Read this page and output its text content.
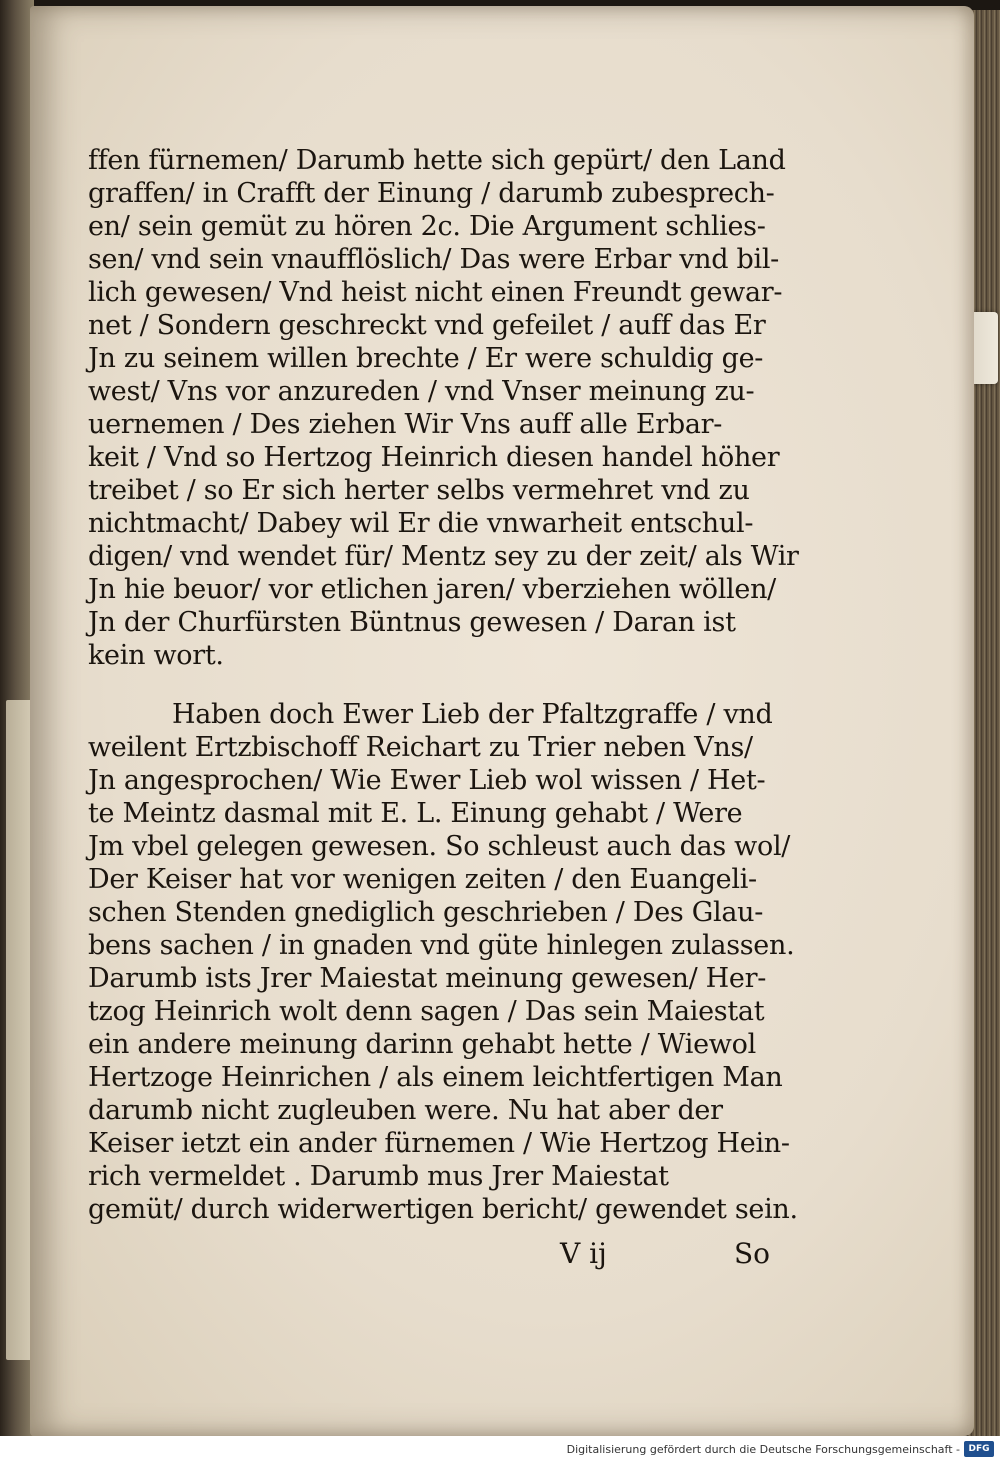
ffen fürnemen/ Darumb hette sich gepürt/ den Land
graffen/ in Crafft der Einung / darumb zubesprech-
en/ sein gemüt zu hören 2c. Die Argument schlies-
sen/ vnd sein vnaufflöslich/ Das were Erbar vnd bil-
lich gewesen/ Vnd heist nicht einen Freundt gewar-
net / Sondern geschreckt vnd gefeilet / auff das Er
Jn zu seinem willen brechte / Er were schuldig ge-
west/ Vns vor anzureden / vnd Vnser meinung zu-
uernemen / Des ziehen Wir Vns auff alle Erbar-
keit / Vnd so Hertzog Heinrich diesen handel höher
treibet / so Er sich herter selbs vermehret vnd zu
nichtmacht/ Dabey wil Er die vnwarheit entschul-
digen/ vnd wendet für/ Mentz sey zu der zeit/ als Wir
Jn hie beuor/ vor etlichen jaren/ vberziehen wöllen/
Jn der Churfürsten Büntnus gewesen / Daran ist
kein wort.
Haben doch Ewer Lieb der Pfaltzgraffe / vnd
weilent Ertzbischoff Reichart zu Trier neben Vns/
Jn angesprochen/ Wie Ewer Lieb wol wissen / Het-
te Meintz dasmal mit E. L. Einung gehabt / Were
Jm vbel gelegen gewesen. So schleust auch das wol/
Der Keiser hat vor wenigen zeiten / den Euangeli-
schen Stenden gnediglich geschrieben / Des Glau-
bens sachen / in gnaden vnd güte hinlegen zulassen.
Darumb ists Jrer Maiestat meinung gewesen/ Her-
tzog Heinrich wolt denn sagen / Das sein Maiestat
ein andere meinung darinn gehabt hette / Wiewol
Hertzoge Heinrichen / als einem leichtfertigen Man
darumb nicht zugleuben were. Nu hat aber der
Keiser ietzt ein ander fürnemen / Wie Hertzog Hein-
rich vermeldet . Darumb mus Jrer Maiestat
gemüt/ durch widerwertigen bericht/ gewendet sein.
V ij	So
Digitalisierung gefördert durch die Deutsche Forschungsgemeinschaft - DFG
